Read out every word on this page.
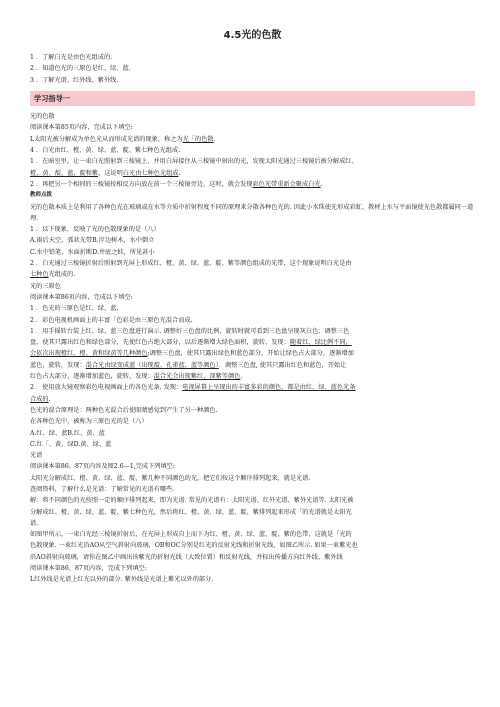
4.5光的色散

1 ．了解白光是由色光组成的.

2 ．知道色光的三原色是红、绿、蓝.

3 ．了解光谱、红外线、紫外线.

学习指导一

光的色散

阅读课本第85页内容，完成以下填空:

L太阳光被分解成为单色光从而形成光谱的现象，称之为光「的色散.

4 ．白光由红、橙、黄、绿、蓝、靛、紫七种色光组成.

1 ．在暗室里，让一束白光照射到三棱镜上，并用白屏接住从三棱镜中射出的光，发现太阳光通过三棱镜后被分解成红、

橙、黄、靛、蓝、靛和紫，这说明白光由七种色光组成.

2 ．再把另一个相同的三棱镜按相反方向放在前一个三棱镜旁边，这时，就会发现彩色光带重新会聚成白光.

教师点拨

光的色散本质上是利用了各种色光在玻璃或在水等介质中折射程度不同的原理来分散各种色光的. 因此小水珠使光形成彩虹、教材上水与平面镜使光色散都属同一道理.

1 ．以下现象，反映了光的色散现象的是（八）

A.雨后天空，弧状光带B.岸边树木，水中倒立

C.水中铅笔，水面折断D.井底之蛙，所见甚小

2 ．白光通过三棱镜折射后照射到光屏上形成红、橙、黄、绿、蓝、靛、紫等颜色组成的光带，这个现象说明白光是由

七种色光组成的.

光的三原色

阅读课本第86页内容，完成以下填空:

1 ．色光的三原色是红、绿、蓝.

2 ．彩色电视机画面上的丰富「色彩是由三原色光混合而成.

1 ．用手摇转台装上红、绿、蓝三色盘进行演示. 调整好三色盘的比例，旋转时就可看到三色盘呈现灰白色；调整三色

盘，使其只露出红色和绿色部分，先使红色占绝大部分，以后逐渐增大绿色面积，旋转，发现：随着红、绿比例不同，

会依次出现橙红、橙、黄和绿黄等几种颜色;调整三色盘，使其只露出绿色和蓝色部分，开始让绿色占大部分，逐渐增加

蓝色，旋转，发现：混合光由绿变成蓝（出现靛、孔雀蓝、蓝等颜色）．调整三色盘, 使其只露出红色和蓝色，开始让

红色占大部分，逐渐增加蓝色，旋转，发现：混合光会出现紫红、深紫等颜色.

2 ．使用放大镜观察彩色电视画面上的各色光条. 发现：电视屏幕上呈现出的丰富多彩的颜色，都是由红、绿、蓝色光条

合成的.

色光的混合原理是：两种色光混合后使眼睛感觉到产生了另一种颜色.

在各种色光中，被称为三原色光的是（八）

A.红、绿、蓝B.红、黄、蓝

C.红「、黄、绿D.黄、绿、蓝

光谱

阅读课本第86、87页内容及图2.6—1,完成下列填空:

太阳光分解成红、橙、黄、绿、蓝、靛、紫几种不同颜色的光，把它们按这个顺序排列起来，就是光谱.

查阅资料，了解什么是光谱：了解常见的光谱有哪些.

解：将不同颜色的光按照一定的顺序排列起来，即为光谱. 常见的光谱有：太阳光谱、红外光谱、紫外光谱等. 太阳光被

分解成红、橙、黄、绿、蓝、靛、紫七种色光，然后将红、橙、黄、绿、蓝、靛、紫排列起来形成「的光谱就是太阳光

谱.

如图甲所示，一束白光经三棱镜折射后，在光屏上形成自上而下为红、橙、黄、绿、蓝、靛、紫的色带，这就是「光的

色散现象. 一束红光沿AO从空气斜射向玻璃，OB和OC分别是红光的反射光线和折射光线，如图乙所示. 如果一束紫光也

沿AO斜射向玻璃，请你在图乙中画出该紫光的折射光线（大致位置）和反射光线，并标出传播方向红外线、紫外线

阅读课本第86、87页内容，完成下列填空:

L红外线是光谱上红光以外的部分. 紫外线是光谱上紫光以外的部分.
